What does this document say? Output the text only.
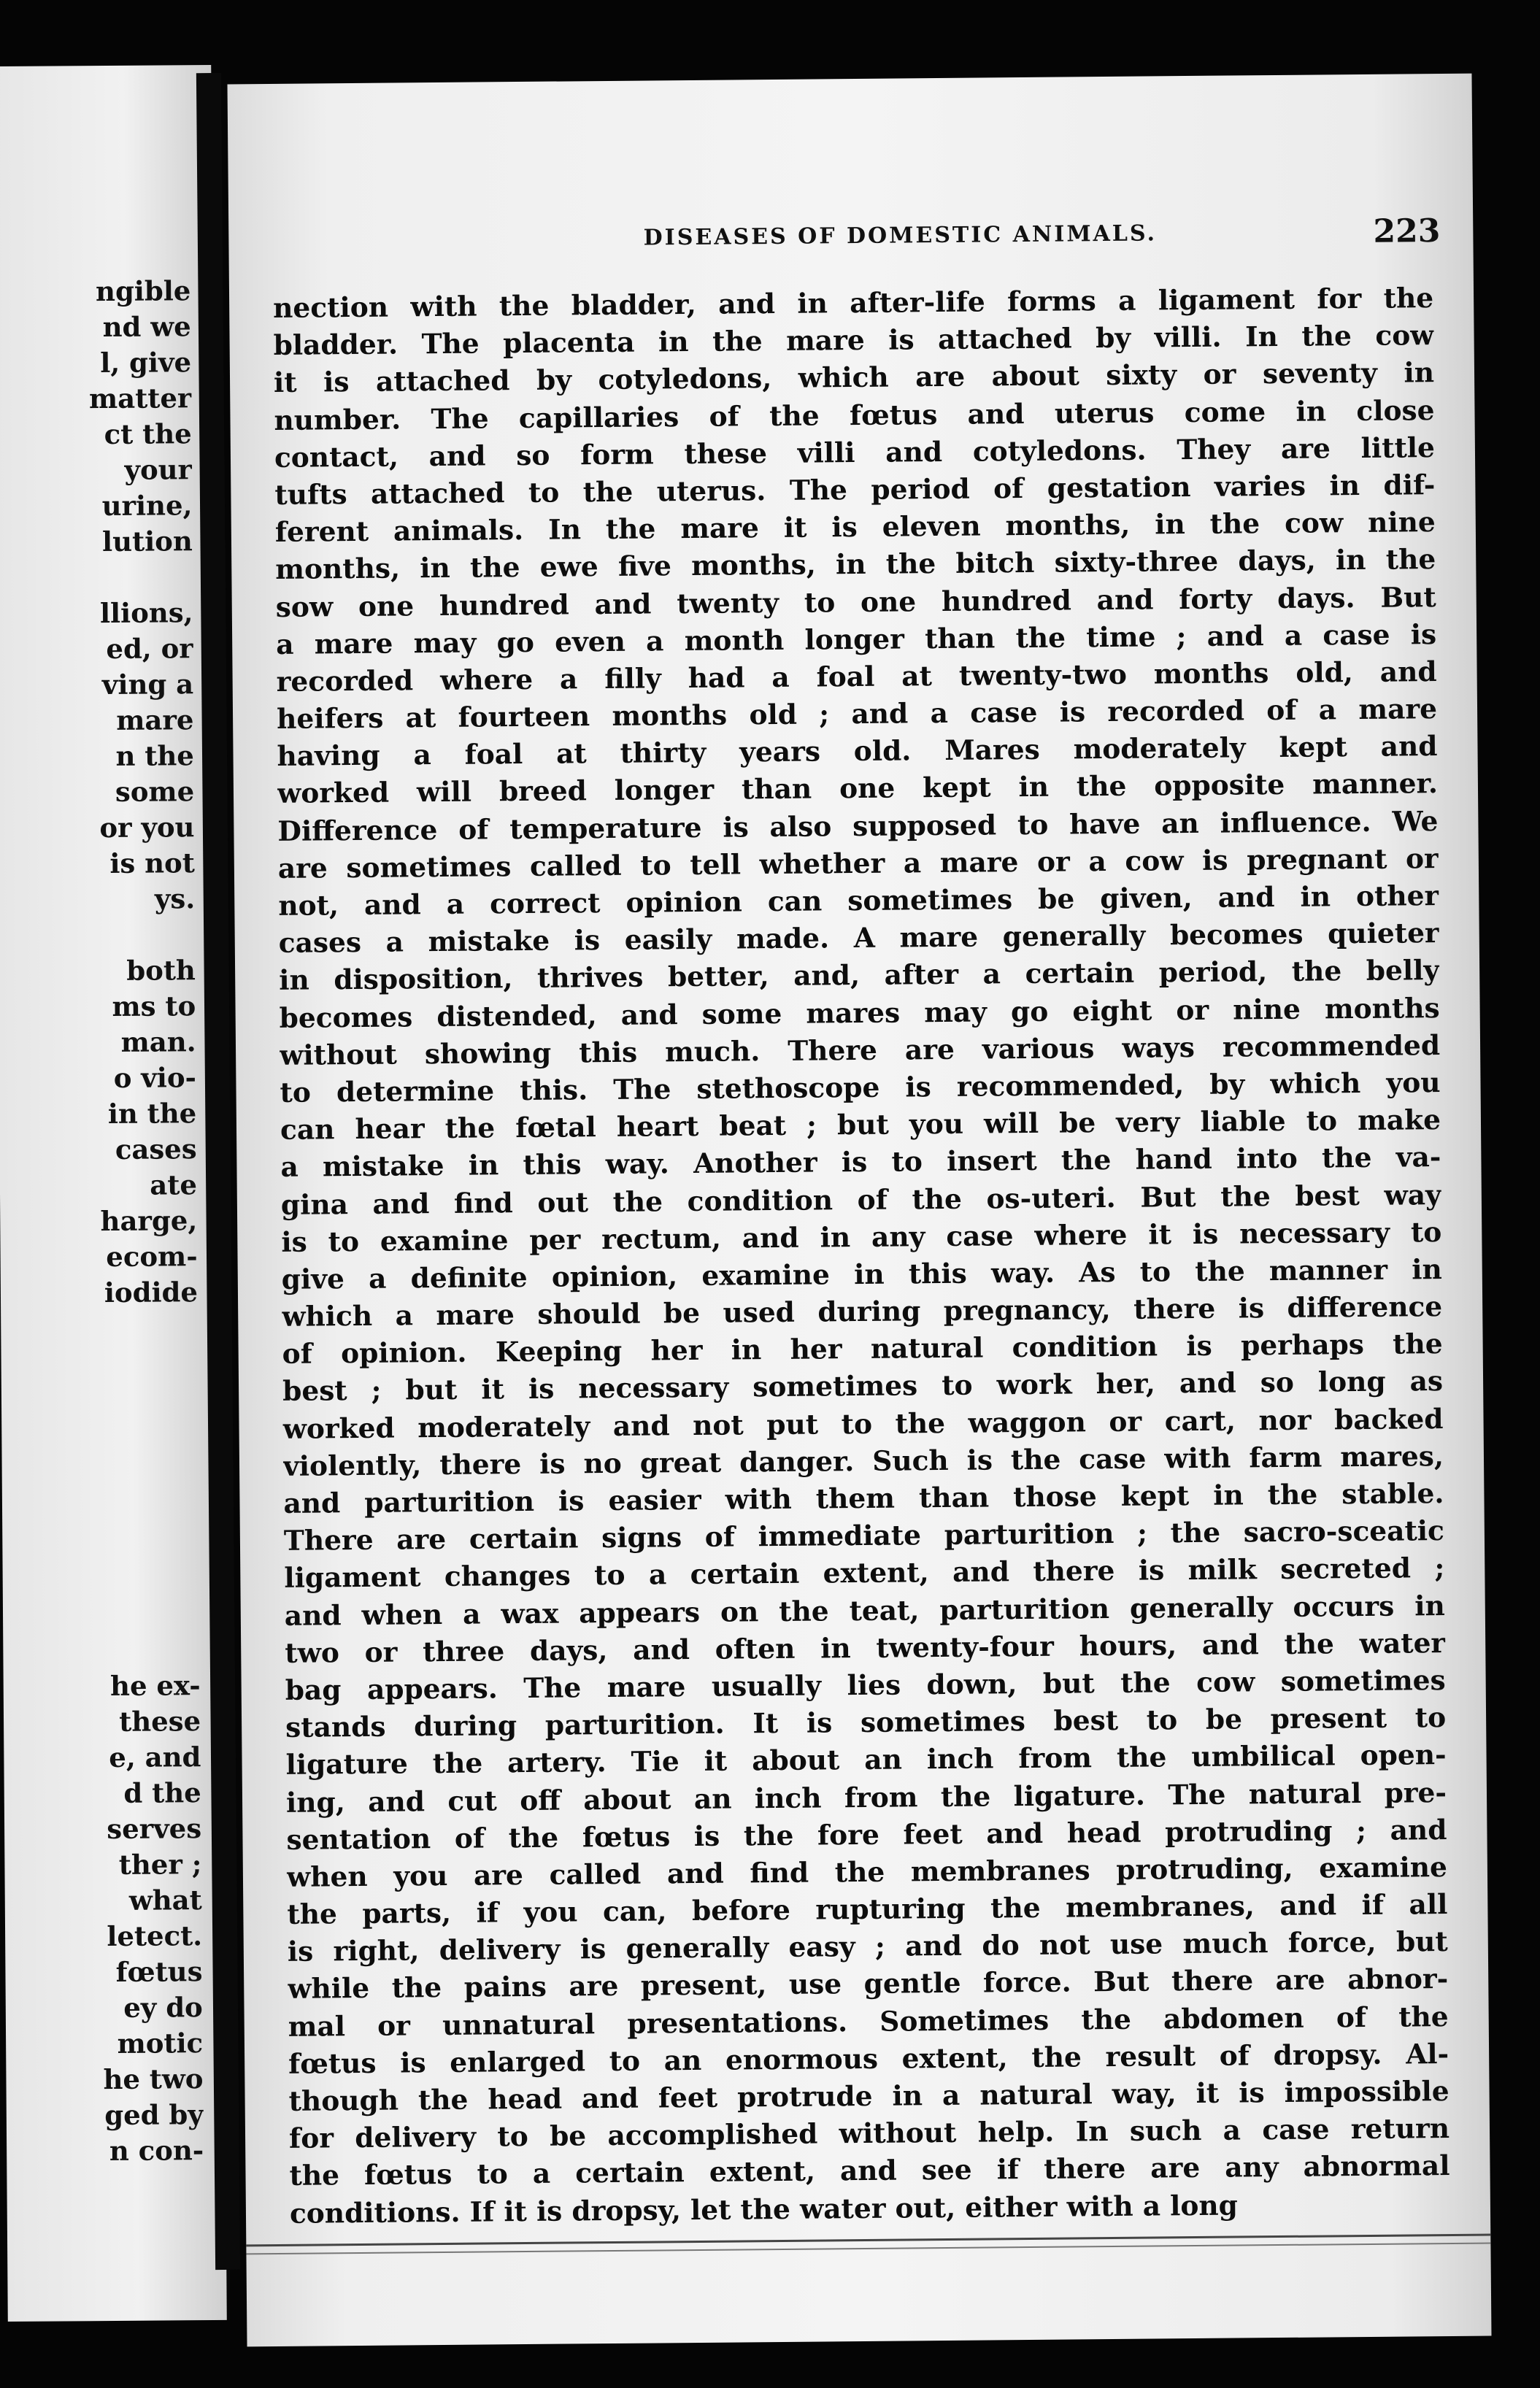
ngible
nd we
l, give
matter
ct the
your
urine,
lution
llions,
ed, or
ving a
mare
n the
some
or you
is not
ys.
both
ms to
man.
o vio-
in the
cases
ate
harge,
ecom-
iodide
he ex-
these
e, and
d the
serves
ther ;
what
letect.
fœtus
ey do
motic
he two
ged by
n con-
DISEASES OF DOMESTIC ANIMALS.	223
nection with the bladder, and in after-life forms a ligament for the
bladder. The placenta in the mare is attached by villi. In the cow
it is attached by cotyledons, which are about sixty or seventy in
number. The capillaries of the fœtus and uterus come in close
contact, and so form these villi and cotyledons. They are little
tufts attached to the uterus. The period of gestation varies in dif-
ferent animals. In the mare it is eleven months, in the cow nine
months, in the ewe five months, in the bitch sixty-three days, in the
sow one hundred and twenty to one hundred and forty days. But
a mare may go even a month longer than the time ; and a case is
recorded where a filly had a foal at twenty-two months old, and
heifers at fourteen months old ; and a case is recorded of a mare
having a foal at thirty years old. Mares moderately kept and
worked will breed longer than one kept in the opposite manner.
Difference of temperature is also supposed to have an influence. We
are sometimes called to tell whether a mare or a cow is pregnant or
not, and a correct opinion can sometimes be given, and in other
cases a mistake is easily made. A mare generally becomes quieter
in disposition, thrives better, and, after a certain period, the belly
becomes distended, and some mares may go eight or nine months
without showing this much. There are various ways recommended
to determine this. The stethoscope is recommended, by which you
can hear the fœtal heart beat ; but you will be very liable to make
a mistake in this way. Another is to insert the hand into the va-
gina and find out the condition of the os-uteri. But the best way
is to examine per rectum, and in any case where it is necessary to
give a definite opinion, examine in this way. As to the manner in
which a mare should be used during pregnancy, there is difference
of opinion. Keeping her in her natural condition is perhaps the
best ; but it is necessary sometimes to work her, and so long as
worked moderately and not put to the waggon or cart, nor backed
violently, there is no great danger. Such is the case with farm mares,
and parturition is easier with them than those kept in the stable.
There are certain signs of immediate parturition ; the sacro-sceatic
ligament changes to a certain extent, and there is milk secreted ;
and when a wax appears on the teat, parturition generally occurs in
two or three days, and often in twenty-four hours, and the water
bag appears. The mare usually lies down, but the cow sometimes
stands during parturition. It is sometimes best to be present to
ligature the artery. Tie it about an inch from the umbilical open-
ing, and cut off about an inch from the ligature. The natural pre-
sentation of the fœtus is the fore feet and head protruding ; and
when you are called and find the membranes protruding, examine
the parts, if you can, before rupturing the membranes, and if all
is right, delivery is generally easy ; and do not use much force, but
while the pains are present, use gentle force. But there are abnor-
mal or unnatural presentations. Sometimes the abdomen of the
fœtus is enlarged to an enormous extent, the result of dropsy. Al-
though the head and feet protrude in a natural way, it is impossible
for delivery to be accomplished without help. In such a case return
the fœtus to a certain extent, and see if there are any abnormal
conditions. If it is dropsy, let the water out, either with a long
